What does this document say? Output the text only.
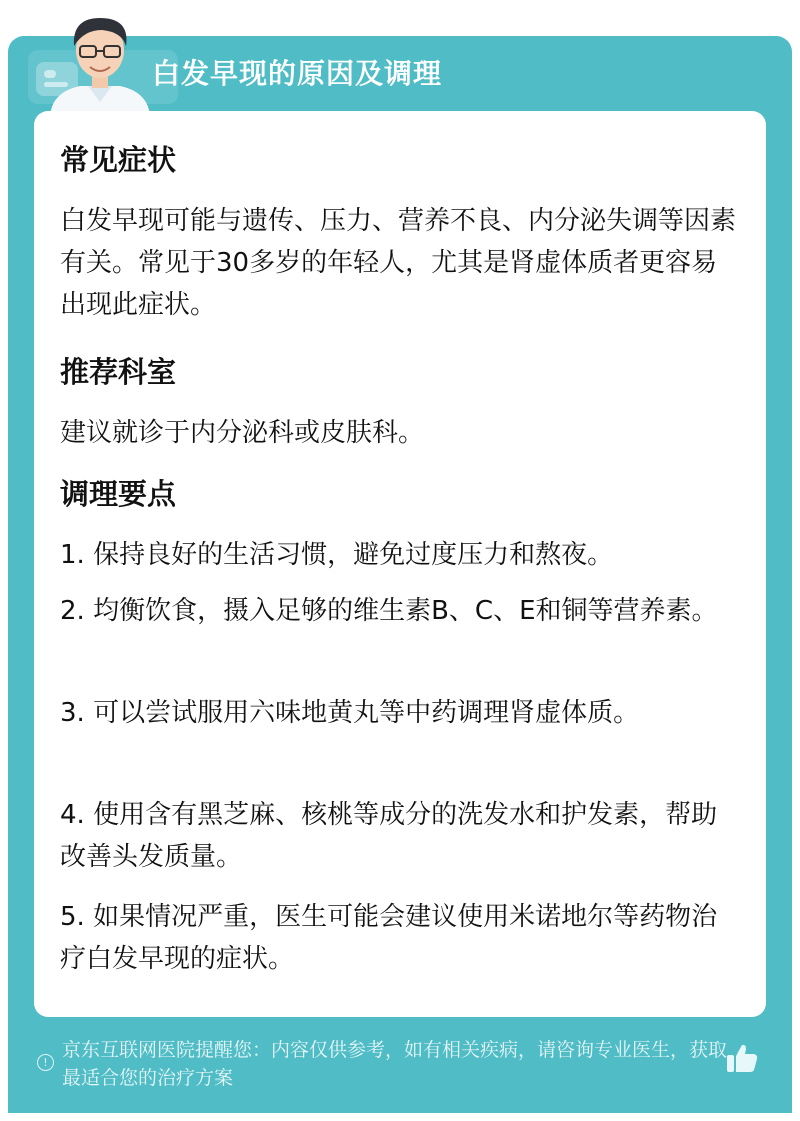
白发早现的原因及调理
常见症状
白发早现可能与遗传、压力、营养不良、内分泌失调等因素有关。常见于30多岁的年轻人，尤其是肾虚体质者更容易出现此症状。
推荐科室
建议就诊于内分泌科或皮肤科。
调理要点
1. 保持良好的生活习惯，避免过度压力和熬夜。
2. 均衡饮食，摄入足够的维生素B、C、E和铜等营养素。
3. 可以尝试服用六味地黄丸等中药调理肾虚体质。
4. 使用含有黑芝麻、核桃等成分的洗发水和护发素，帮助改善头发质量。
5. 如果情况严重，医生可能会建议使用米诺地尔等药物治疗白发早现的症状。
!
京东互联网医院提醒您：内容仅供参考，如有相关疾病，请咨询专业医生，获取最适合您的治疗方案
